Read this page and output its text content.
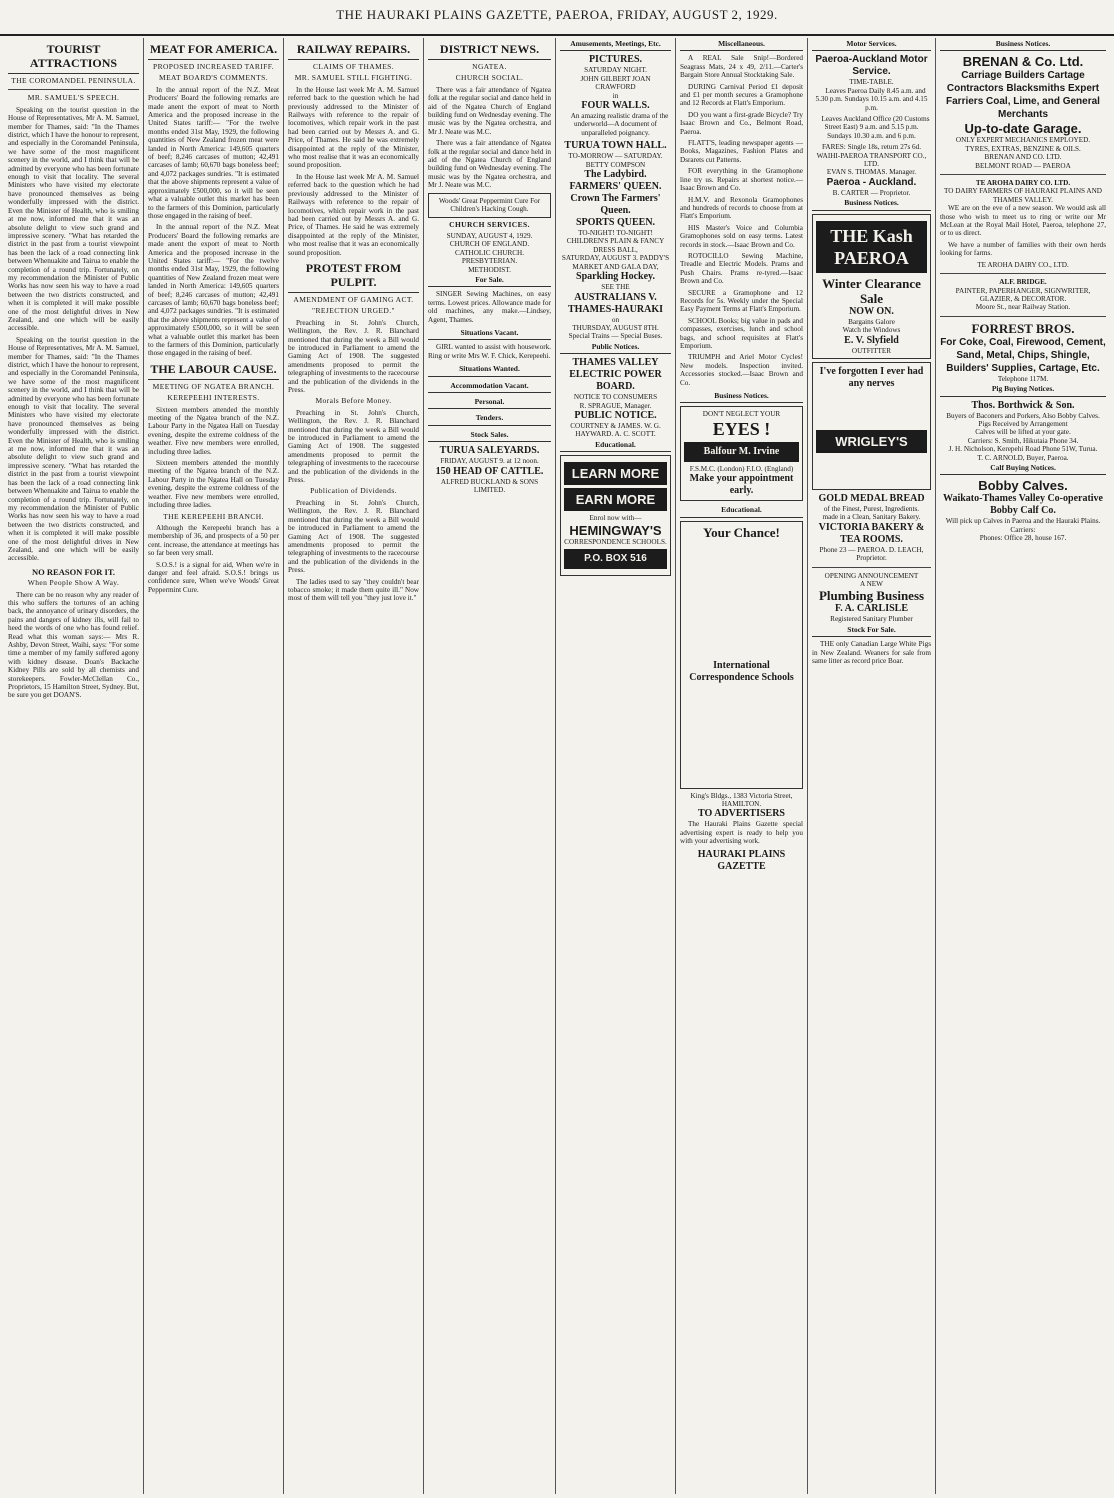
THE HAURAKI PLAINS GAZETTE, PAEROA, FRIDAY, AUGUST 2, 1929.
TOURIST ATTRACTIONS
THE COROMANDEL PENINSULA.
MR. SAMUEL'S SPEECH.

Speaking on the tourist question in the House of Representatives, Mr A. M. Samuel, member for Thames, said: "In the Thames district, which I have the honour to represent, and especially in the Coromandel Peninsula, we have some of the most magnificent scenery in the world, and I think that will be admitted by everyone who has been fortunate enough to visit that locality. The several Ministers who have visited my electorate have pronounced themselves as being wonderfully impressed with the district. Even the Minister of Health, who is smiling at me now, informed me that it was an absolute delight to view such grand and impressive scenery. "What has retarded the district in the past from a tourist viewpoint has been the lack of a road connecting link between Whenuakite and Tairua to enable the completion of a round trip. Fortunately, on my recommendation the Minister of Public Works has now seen his way to have a road between the two districts constructed, and when it is completed it will make possible one of the most delightful drives in New Zealand, and one which will be easily accessible.

Speaking on the tourist question in the House of Representatives, Mr A. M. Samuel, member for Thames, said: "In the Thames district, which I have the honour to represent, and especially in the Coromandel Peninsula, we have some of the most magnificent scenery in the world, and I think that will be admitted by everyone who has been fortunate enough to visit that locality. The several Ministers who have visited my electorate have pronounced themselves as being wonderfully impressed with the district. Even the Minister of Health, who is smiling at me now, informed me that it was an absolute delight to view such grand and impressive scenery. "What has retarded the district in the past from a tourist viewpoint has been the lack of a road connecting link between Whenuakite and Tairua to enable the completion of a round trip. Fortunately, on my recommendation the Minister of Public Works has now seen his way to have a road between the two districts constructed, and when it is completed it will make possible one of the most delightful drives in New Zealand, and one which will be easily accessible.

NO REASON FOR IT.
When People Show A Way.

There can be no reason why any reader of this who suffers the tortures of an aching back, the annoyance of urinary disorders, the pains and dangers of kidney ills, will fail to heed the words of one who has found relief. Read what this woman says:— Mrs R. Ashby, Devon Street, Waihi, says: "For some time a member of my family suffered agony with kidney disease. Doan's Backache Kidney Pills are sold by all chemists and storekeepers. Fowler-McClellan Co., Proprietors, 15 Hamilton Street, Sydney. But, be sure you get DOAN'S.

MEAT FOR AMERICA.
PROPOSED INCREASED TARIFF.
MEAT BOARD'S COMMENTS.

In the annual report of the N.Z. Meat Producers' Board the following remarks are made anent the export of meat to North America and the proposed increase in the United States tariff:— "For the twelve months ended 31st May, 1929, the following quantities of New Zealand frozen meat were landed in North America: 149,605 quarters of beef; 8,246 carcases of mutton; 42,491 carcases of lamb; 60,670 bags boneless beef; and 4,072 packages sundries. "It is estimated that the above shipments represent a value of approximately £500,000, so it will be seen what a valuable outlet this market has been to the farmers of this Dominion, particularly those engaged in the raising of beef.

In the annual report of the N.Z. Meat Producers' Board the following remarks are made anent the export of meat to North America and the proposed increase in the United States tariff:— "For the twelve months ended 31st May, 1929, the following quantities of New Zealand frozen meat were landed in North America: 149,605 quarters of beef; 8,246 carcases of mutton; 42,491 carcases of lamb; 60,670 bags boneless beef; and 4,072 packages sundries. "It is estimated that the above shipments represent a value of approximately £500,000, so it will be seen what a valuable outlet this market has been to the farmers of this Dominion, particularly those engaged in the raising of beef.

THE LABOUR CAUSE.
MEETING OF NGATEA BRANCH.
KEREPEEHI INTERESTS.

Sixteen members attended the monthly meeting of the Ngatea branch of the N.Z. Labour Party in the Ngatea Hall on Tuesday evening, despite the extreme coldness of the weather. Five new members were enrolled, including three ladies.

Sixteen members attended the monthly meeting of the Ngatea branch of the N.Z. Labour Party in the Ngatea Hall on Tuesday evening, despite the extreme coldness of the weather. Five new members were enrolled, including three ladies.

THE KEREPEEHI BRANCH.

Although the Kerepeehi branch has a membership of 36, and prospects of a 50 per cent. increase, the attendance at meetings has so far been very small.

S.O.S.! is a signal for aid, When we're in danger and feel afraid. S.O.S.! brings us confidence sure, When we've Woods' Great Peppermint Cure.

RAILWAY REPAIRS.
CLAIMS OF THAMES.
MR. SAMUEL STILL FIGHTING.

In the House last week Mr A. M. Samuel referred back to the question which he had previously addressed to the Minister of Railways with reference to the repair of locomotives, which repair work in the past had been carried out by Messrs A. and G. Price, of Thames. He said he was extremely disappointed at the reply of the Minister, who most realise that it was an economically sound proposition.

In the House last week Mr A. M. Samuel referred back to the question which he had previously addressed to the Minister of Railways with reference to the repair of locomotives, which repair work in the past had been carried out by Messrs A. and G. Price, of Thames. He said he was extremely disappointed at the reply of the Minister, who most realise that it was an economically sound proposition.

PROTEST FROM PULPIT.
AMENDMENT OF GAMING ACT.
"REJECTION URGED."

Preaching in St. John's Church, Wellington, the Rev. J. R. Blanchard mentioned that during the week a Bill would be introduced in Parliament to amend the Gaming Act of 1908. The suggested amendments proposed to permit the telegraphing of investments to the racecourse and the publication of the dividends in the Press.

Morals Before Money.

Preaching in St. John's Church, Wellington, the Rev. J. R. Blanchard mentioned that during the week a Bill would be introduced in Parliament to amend the Gaming Act of 1908. The suggested amendments proposed to permit the telegraphing of investments to the racecourse and the publication of the dividends in the Press.

Publication of Dividends.

Preaching in St. John's Church, Wellington, the Rev. J. R. Blanchard mentioned that during the week a Bill would be introduced in Parliament to amend the Gaming Act of 1908. The suggested amendments proposed to permit the telegraphing of investments to the racecourse and the publication of the dividends in the Press.

The ladies used to say "they couldn't bear tobacco smoke; it made them quite ill." Now most of them will tell you "they just love it."

DISTRICT NEWS.
NGATEA.
CHURCH SOCIAL.

There was a fair attendance of Ngatea folk at the regular social and dance held in aid of the Ngatea Church of England building fund on Wednesday evening. The music was by the Ngatea orchestra, and Mr J. Neate was M.C.

There was a fair attendance of Ngatea folk at the regular social and dance held in aid of the Ngatea Church of England building fund on Wednesday evening. The music was by the Ngatea orchestra, and Mr J. Neate was M.C.

Woods' Great Peppermint Cure For Children's Hacking Cough.
CHURCH SERVICES.
SUNDAY, AUGUST 4, 1929.
CHURCH OF ENGLAND.
CATHOLIC CHURCH.
PRESBYTERIAN.
METHODIST.
For Sale.

SINGER Sewing Machines, on easy terms. Lowest prices. Allowance made for old machines, any make.—Lindsey, Agent, Thames.

Situations Vacant.

GIRL wanted to assist with housework. Ring or write Mrs W. F. Chick, Kerepeehi.

Situations Wanted.
Accommodation Vacant.
Personal.
Tenders.
Stock Sales.
TURUA SALEYARDS.
FRIDAY, AUGUST 9. at 12 noon.
150 HEAD OF CATTLE.
ALFRED BUCKLAND & SONS LIMITED.
Amusements, Meetings, Etc.
PICTURES.
SATURDAY NIGHT.
JOHN GILBERT JOAN CRAWFORD
in
FOUR WALLS.

An amazing realistic drama of the underworld—A document of unparalleled poignancy.

TURUA TOWN HALL.
TO-MORROW — SATURDAY.
BETTY COMPSON
The Ladybird.
FARMERS' QUEEN.
Crown The Farmers' Queen.
SPORTS QUEEN.
TO-NIGHT! TO-NIGHT!
CHILDREN'S PLAIN & FANCY DRESS BALL,
SATURDAY, AUGUST 3. PADDY'S MARKET AND GALA DAY,
Sparkling Hockey.
SEE THE
AUSTRALIANS V. THAMES-HAURAKI
on
THURSDAY, AUGUST 8TH.
Special Trains — Special Buses.
Public Notices.
THAMES VALLEY ELECTRIC POWER BOARD.
NOTICE TO CONSUMERS
R. SPRAGUE, Manager.
PUBLIC NOTICE.
COURTNEY & JAMES. W. G. HAYWARD. A. C. SCOTT.
Educational.
LEARN MORE
EARN MORE
Enrol now with—
HEMINGWAY'S
CORRESPONDENCE SCHOOLS.
P.O. BOX 516
Miscellaneous.

A REAL Sale Snip!—Bordered Seagrass Mats, 24 x 49, 2/11.—Carter's Bargain Store Annual Stocktaking Sale.

DURING Carnival Period £1 deposit and £1 per month secures a Gramophone and 12 Records at Flatt's Emporium.

DO you want a first-grade Bicycle? Try Isaac Brown and Co., Belmont Road, Paeroa.

FLATT'S, leading newspaper agents — Books, Magazines, Fashion Plates and Dsrarets cut Patterns.

FOR everything in the Gramophone line try us. Repairs at shortest notice.—Isaac Brown and Co.

H.M.V. and Rexonola Gramophones and hundreds of records to choose from at Flatt's Emporium.

HIS Master's Voice and Columbia Gramophones sold on easy terms. Latest records in stock.—Isaac Brown and Co.

ROTOCILLO Sewing Machine, Treadle and Electric Models. Prams and Push Chairs. Prams re-tyred.—Isaac Brown and Co.

SECURE a Gramophone and 12 Records for 5s. Weekly under the Special Easy Payment Terms at Flatt's Emporium.

SCHOOL Books; big value in pads and compasses, exercises, lunch and school bags, and school requisites at Flatt's Emporium.

TRIUMPH and Ariel Motor Cycles! New models. Inspection invited. Accessories stocked.—Isaac Brown and Co.

Business Notices.
DON'T NEGLECT YOUR
EYES !
Balfour M. Irvine
F.S.M.C. (London) F.I.O. (England)
Make your appointment early.
Educational.
Your Chance!
International Correspondence Schools
King's Bldgs., 1383 Victoria Street, HAMILTON.
TO ADVERTISERS

The Hauraki Plains Gazette special advertising expert is ready to help you with your advertising work.

HAURAKI PLAINS GAZETTE
Motor Services.
Paeroa-Auckland Motor Service.
TIME-TABLE.

Leaves Paeroa Daily 8.45 a.m. and 5.30 p.m. Sundays 10.15 a.m. and 4.15 p.m.

Leaves Auckland Office (20 Customs Street East) 9 a.m. and 5.15 p.m. Sundays 10.30 a.m. and 6 p.m.

FARES: Single 18s, return 27s 6d.
WAIHI-PAEROA TRANSPORT CO., LTD.
EVAN S. THOMAS. Manager.
Paeroa - Auckland.
B. CARTER — Proprietor.
Business Notices.
THE Kash PAEROA
Winter Clearance Sale
NOW ON.
Bargains Galore
Watch the Windows
E. V. Slyfield
OUTFITTER
I've forgotten I ever had any nerves
WRIGLEY'S
GOLD MEDAL BREAD
of the Finest, Purest, Ingredients.
made in a Clean, Sanitary Bakery.
VICTORIA BAKERY & TEA ROOMS.
Phone 23 — PAEROA. D. LEACH, Proprietor.
OPENING ANNOUNCEMENT
A NEW
Plumbing Business
F. A. CARLISLE
Registered Sanitary Plumber
Stock For Sale.

THE only Canadian Large White Pigs in New Zealand. Weaners for sale from same litter as record price Boar.

Business Notices.
BRENAN & Co. Ltd.
Carriage Builders Cartage Contractors Blacksmiths Expert Farriers Coal, Lime, and General Merchants
Up-to-date Garage.
ONLY EXPERT MECHANICS EMPLOYED.
TYRES, EXTRAS, BENZINE & OILS.
BRENAN AND CO. LTD.
BELMONT ROAD — PAEROA
TE AROHA DAIRY CO. LTD.
TO DAIRY FARMERS OF HAURAKI PLAINS AND THAMES VALLEY.

WE are on the eve of a new season. We would ask all those who wish to meet us to ring or write our Mr McLean at the Royal Mail Hotel, Paeroa, telephone 27, or to us direct.

We have a number of families with their own herds looking for farms.

TE AROHA DAIRY CO., LTD.
ALF. BRIDGE.
PAINTER, PAPERHANGER, SIGNWRITER, GLAZIER, & DECORATOR.
Moore St., near Railway Station.
FORREST BROS.
For Coke, Coal, Firewood, Cement, Sand, Metal, Chips, Shingle, Builders' Supplies, Cartage, Etc.
Telephone 117M.
Pig Buying Notices.
Thos. Borthwick & Son.
Buyers of Baconers and Porkers, Also Bobby Calves.
Pigs Received by Arrangement
Calves will be lifted at your gate.
Carriers: S. Smith, Hikutaia Phone 34.
J. H. Nicholson, Kerepehi Road Phone 51W, Turua.
T. C. ARNOLD, Buyer, Paeroa.
Calf Buying Notices.
Bobby Calves.
Waikato-Thames Valley Co-operative Bobby Calf Co.
Will pick up Calves in Paeroa and the Hauraki Plains.
Carriers:
Phones: Office 28, house 167.
